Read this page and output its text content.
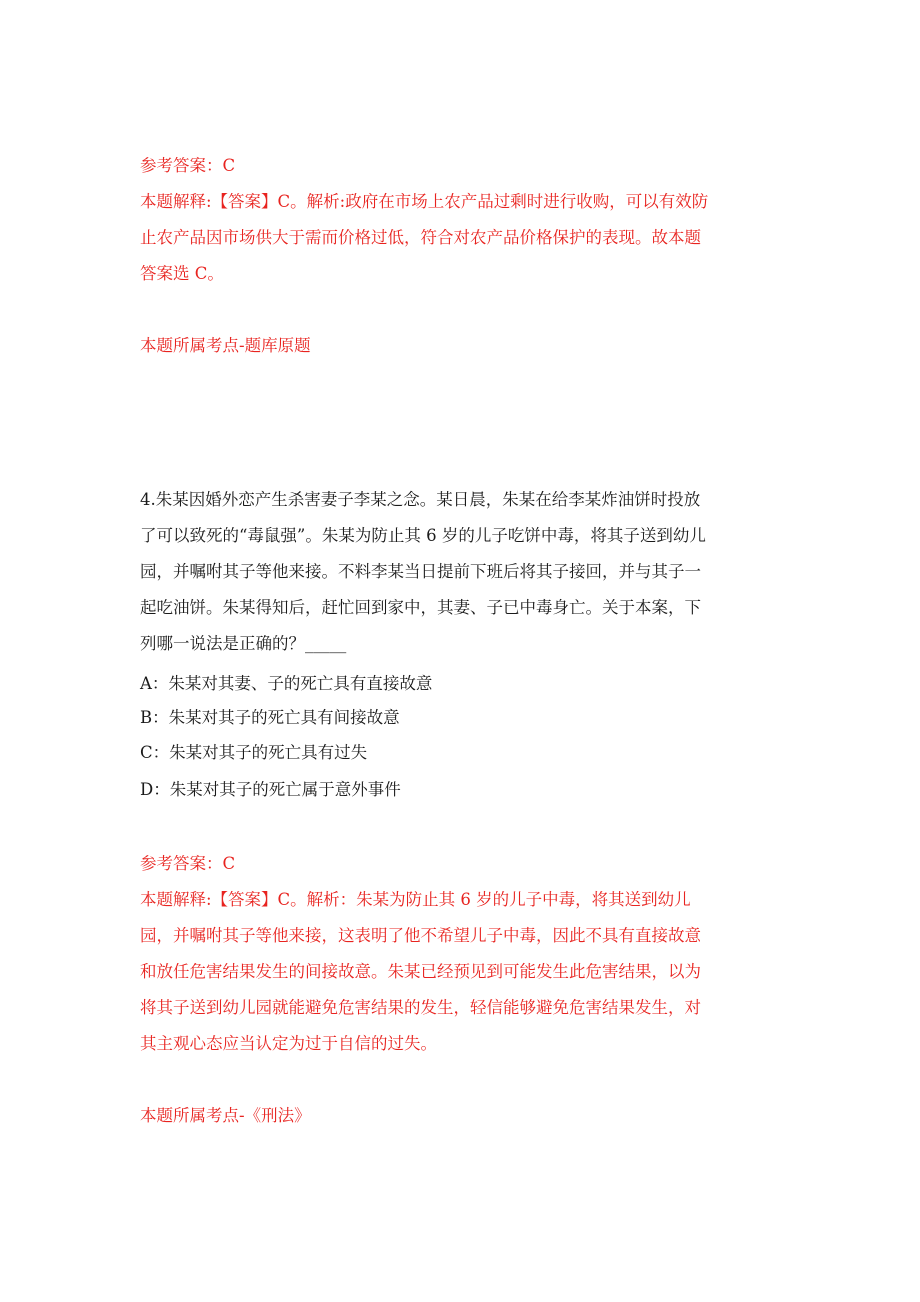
参考答案：C
本题解释:【答案】C。解析:政府在市场上农产品过剩时进行收购，可以有效防
止农产品因市场供大于需而价格过低，符合对农产品价格保护的表现。故本题
答案选 C。
本题所属考点-题库原题
4.朱某因婚外恋产生杀害妻子李某之念。某日晨，朱某在给李某炸油饼时投放
了可以致死的“毒鼠强”。朱某为防止其 6 岁的儿子吃饼中毒，将其子送到幼儿
园，并嘱咐其子等他来接。不料李某当日提前下班后将其子接回，并与其子一
起吃油饼。朱某得知后，赶忙回到家中，其妻、子已中毒身亡。关于本案，下
列哪一说法是正确的？_____
A：朱某对其妻、子的死亡具有直接故意
B：朱某对其子的死亡具有间接故意
C：朱某对其子的死亡具有过失
D：朱某对其子的死亡属于意外事件
参考答案：C
本题解释:【答案】C。解析：朱某为防止其 6 岁的儿子中毒，将其送到幼儿
园，并嘱咐其子等他来接，这表明了他不希望儿子中毒，因此不具有直接故意
和放任危害结果发生的间接故意。朱某已经预见到可能发生此危害结果，以为
将其子送到幼儿园就能避免危害结果的发生，轻信能够避免危害结果发生，对
其主观心态应当认定为过于自信的过失。
本题所属考点-《刑法》
